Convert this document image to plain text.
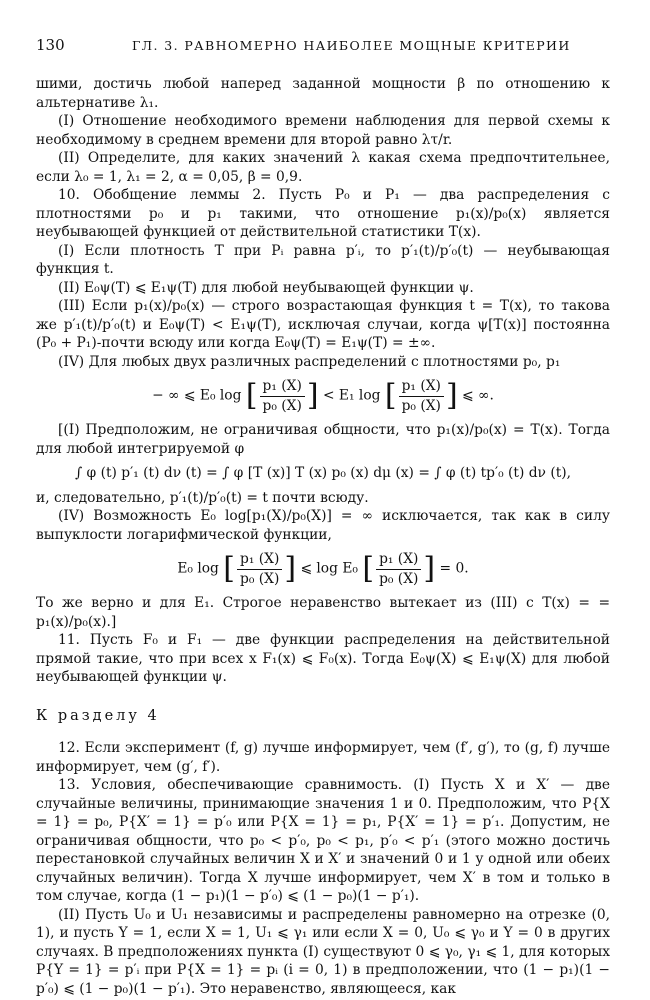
130	ГЛ. 3. РАВНОМЕРНО НАИБОЛЕЕ МОЩНЫЕ КРИТЕРИИ

шими, достичь любой наперед заданной мощности β по отношению к альтернативе λ₁.

(I) Отношение необходимого времени наблюдения для первой схемы к необходимому в среднем времени для второй равно λτ/r.

(II) Определите, для каких значений λ какая схема предпочтительнее, если λ₀ = 1, λ₁ = 2, α = 0,05, β = 0,9.

10. Обобщение леммы 2. Пусть P₀ и P₁ — два распределения с плотностями p₀ и p₁ такими, что отношение p₁(x)/p₀(x) является неубывающей функцией от действительной статистики T(x).

(I) Если плотность T при Pᵢ равна p′ᵢ, то p′₁(t)/p′₀(t) — неубывающая функция t.

(II) E₀ψ(T) ⩽ E₁ψ(T) для любой неубывающей функции ψ.

(III) Если p₁(x)/p₀(x) — строго возрастающая функция t = T(x), то такова же p′₁(t)/p′₀(t) и E₀ψ(T) < E₁ψ(T), исключая случаи, когда ψ[T(x)] постоянна (P₀ + P₁)-почти всюду или когда E₀ψ(T) = E₁ψ(T) = ±∞.

(IV) Для любых двух различных распределений с плотностями p₀, p₁

− ∞ ⩽ E₀ log [ $\frac{\text{p₁ (X)}}{\text{p₀ (X)}}$ ] < E₁ log [ $\frac{\text{p₁ (X)}}{\text{p₀ (X)}}$ ] ⩽ ∞.

[(I) Предположим, не ограничивая общности, что p₁(x)/p₀(x) = T(x). Тогда для любой интегрируемой φ

∫ φ (t) p′₁ (t) dν (t) = ∫ φ [T (x)] T (x) p₀ (x) dμ (x) = ∫ φ (t) tp′₀ (t) dν (t),

и, следовательно, p′₁(t)/p′₀(t) = t почти всюду.

(IV) Возможность E₀ log[p₁(X)/p₀(X)] = ∞ исключается, так как в силу выпуклости логарифмической функции,

E₀ log [ $\frac{\text{p₁ (X)}}{\text{p₀ (X)}}$ ] ⩽ log E₀ [ $\frac{\text{p₁ (X)}}{\text{p₀ (X)}}$ ] = 0.

То же верно и для E₁. Строгое неравенство вытекает из (III) с T(x) = = p₁(x)/p₀(x).]

11. Пусть F₀ и F₁ — две функции распределения на действительной прямой такие, что при всех x F₁(x) ⩽ F₀(x). Тогда E₀ψ(X) ⩽ E₁ψ(X) для любой неубывающей функции ψ.

К разделу 4

12. Если эксперимент (f, g) лучше информирует, чем (f′, g′), то (g, f) лучше информирует, чем (g′, f′).

13. Условия, обеспечивающие сравнимость. (I) Пусть X и X′ — две случайные величины, принимающие значения 1 и 0. Предположим, что P{X = 1} = p₀, P{X′ = 1} = p′₀ или P{X = 1} = p₁, P{X′ = 1} = p′₁. Допустим, не ограничивая общности, что p₀ < p′₀, p₀ < p₁, p′₀ < p′₁ (этого можно достичь перестановкой случайных величин X и X′ и значений 0 и 1 у одной или обеих случайных величин). Тогда X лучше информирует, чем X′ в том и только в том случае, когда (1 − p₁)(1 − p′₀) ⩽ (1 − p₀)(1 − p′₁).

(II) Пусть U₀ и U₁ независимы и распределены равномерно на отрезке (0, 1), и пусть Y = 1, если X = 1, U₁ ⩽ γ₁ или если X = 0, U₀ ⩽ γ₀ и Y = 0 в других случаях. В предположениях пункта (I) существуют 0 ⩽ γ₀, γ₁ ⩽ 1, для которых P{Y = 1} = p′ᵢ при P{X = 1} = pᵢ (i = 0, 1) в предположении, что (1 − p₁)(1 − p′₀) ⩽ (1 − p₀)(1 − p′₁). Это неравенство, являющееся, как
